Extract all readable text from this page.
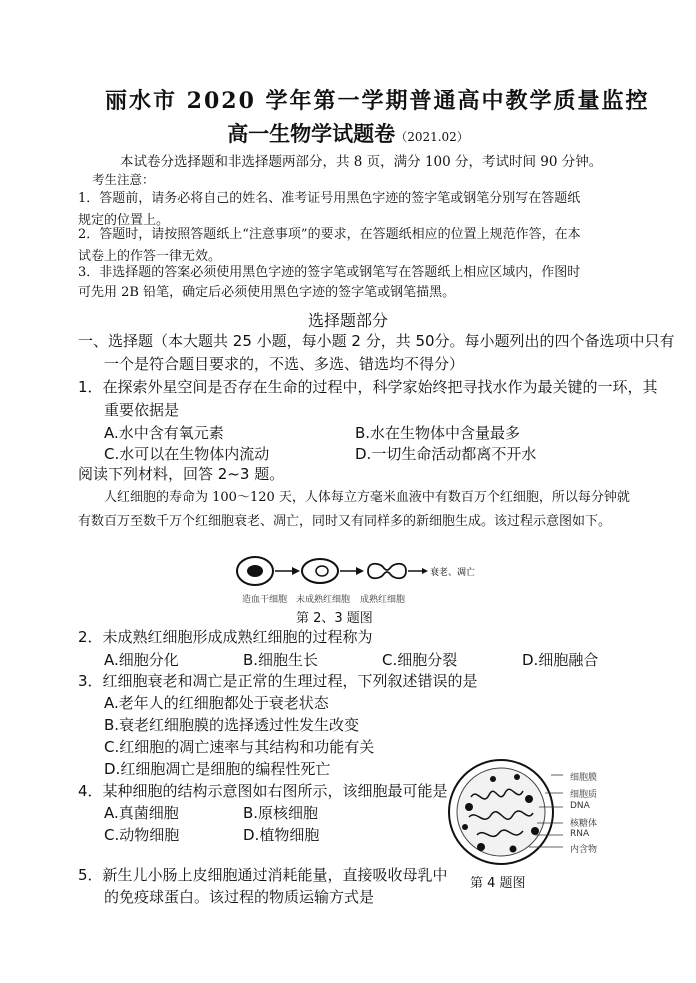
丽水市 2020 学年第一学期普通高中教学质量监控
高一生物学试题卷（2021.02）
本试卷分选择题和非选择题两部分，共 8 页，满分 100 分，考试时间 90 分钟。
考生注意：
1．答题前，请务必将自己的姓名、准考证号用黑色字迹的签字笔或钢笔分别写在答题纸
规定的位置上。
2．答题时，请按照答题纸上“注意事项”的要求，在答题纸相应的位置上规范作答，在本
试卷上的作答一律无效。
3．非选择题的答案必须使用黑色字迹的签字笔或钢笔写在答题纸上相应区域内，作图时
可先用 2B 铅笔，确定后必须使用黑色字迹的签字笔或钢笔描黑。
选择题部分
一、选择题（本大题共 25 小题，每小题 2 分，共 50分。每小题列出的四个备选项中只有
一个是符合题目要求的，不选、多选、错选均不得分）
1．在探索外星空间是否存在生命的过程中，科学家始终把寻找水作为最关键的一环，其
重要依据是
A.水中含有氧元素	B.水在生物体中含量最多
C.水可以在生物体内流动	D.一切生命活动都离不开水
阅读下列材料，回答 2~3 题。
人红细胞的寿命为 100～120 天，人体每立方毫米血液中有数百万个红细胞，所以每分钟就有数百万至数千万个红细胞衰老、凋亡，同时又有同样多的新细胞生成。该过程示意图如下。
衰老、凋亡
造血干细胞 未成熟红细胞 成熟红细胞
第 2、3 题图
2．未成熟红细胞形成成熟红细胞的过程称为
A.细胞分化	B.细胞生长	C.细胞分裂	D.细胞融合
3．红细胞衰老和凋亡是正常的生理过程，下列叙述错误的是
A.老年人的红细胞都处于衰老状态
B.衰老红细胞膜的选择透过性发生改变
C.红细胞的凋亡速率与其结构和功能有关
D.红细胞凋亡是细胞的编程性死亡
4．某种细胞的结构示意图如右图所示，该细胞最可能是
A.真菌细胞	B.原核细胞
C.动物细胞	D.植物细胞
细胞膜
细胞质
DNA
核糖体
RNA
内含物
第 4 题图
5．新生儿小肠上皮细胞通过消耗能量，直接吸收母乳中
的免疫球蛋白。该过程的物质运输方式是
